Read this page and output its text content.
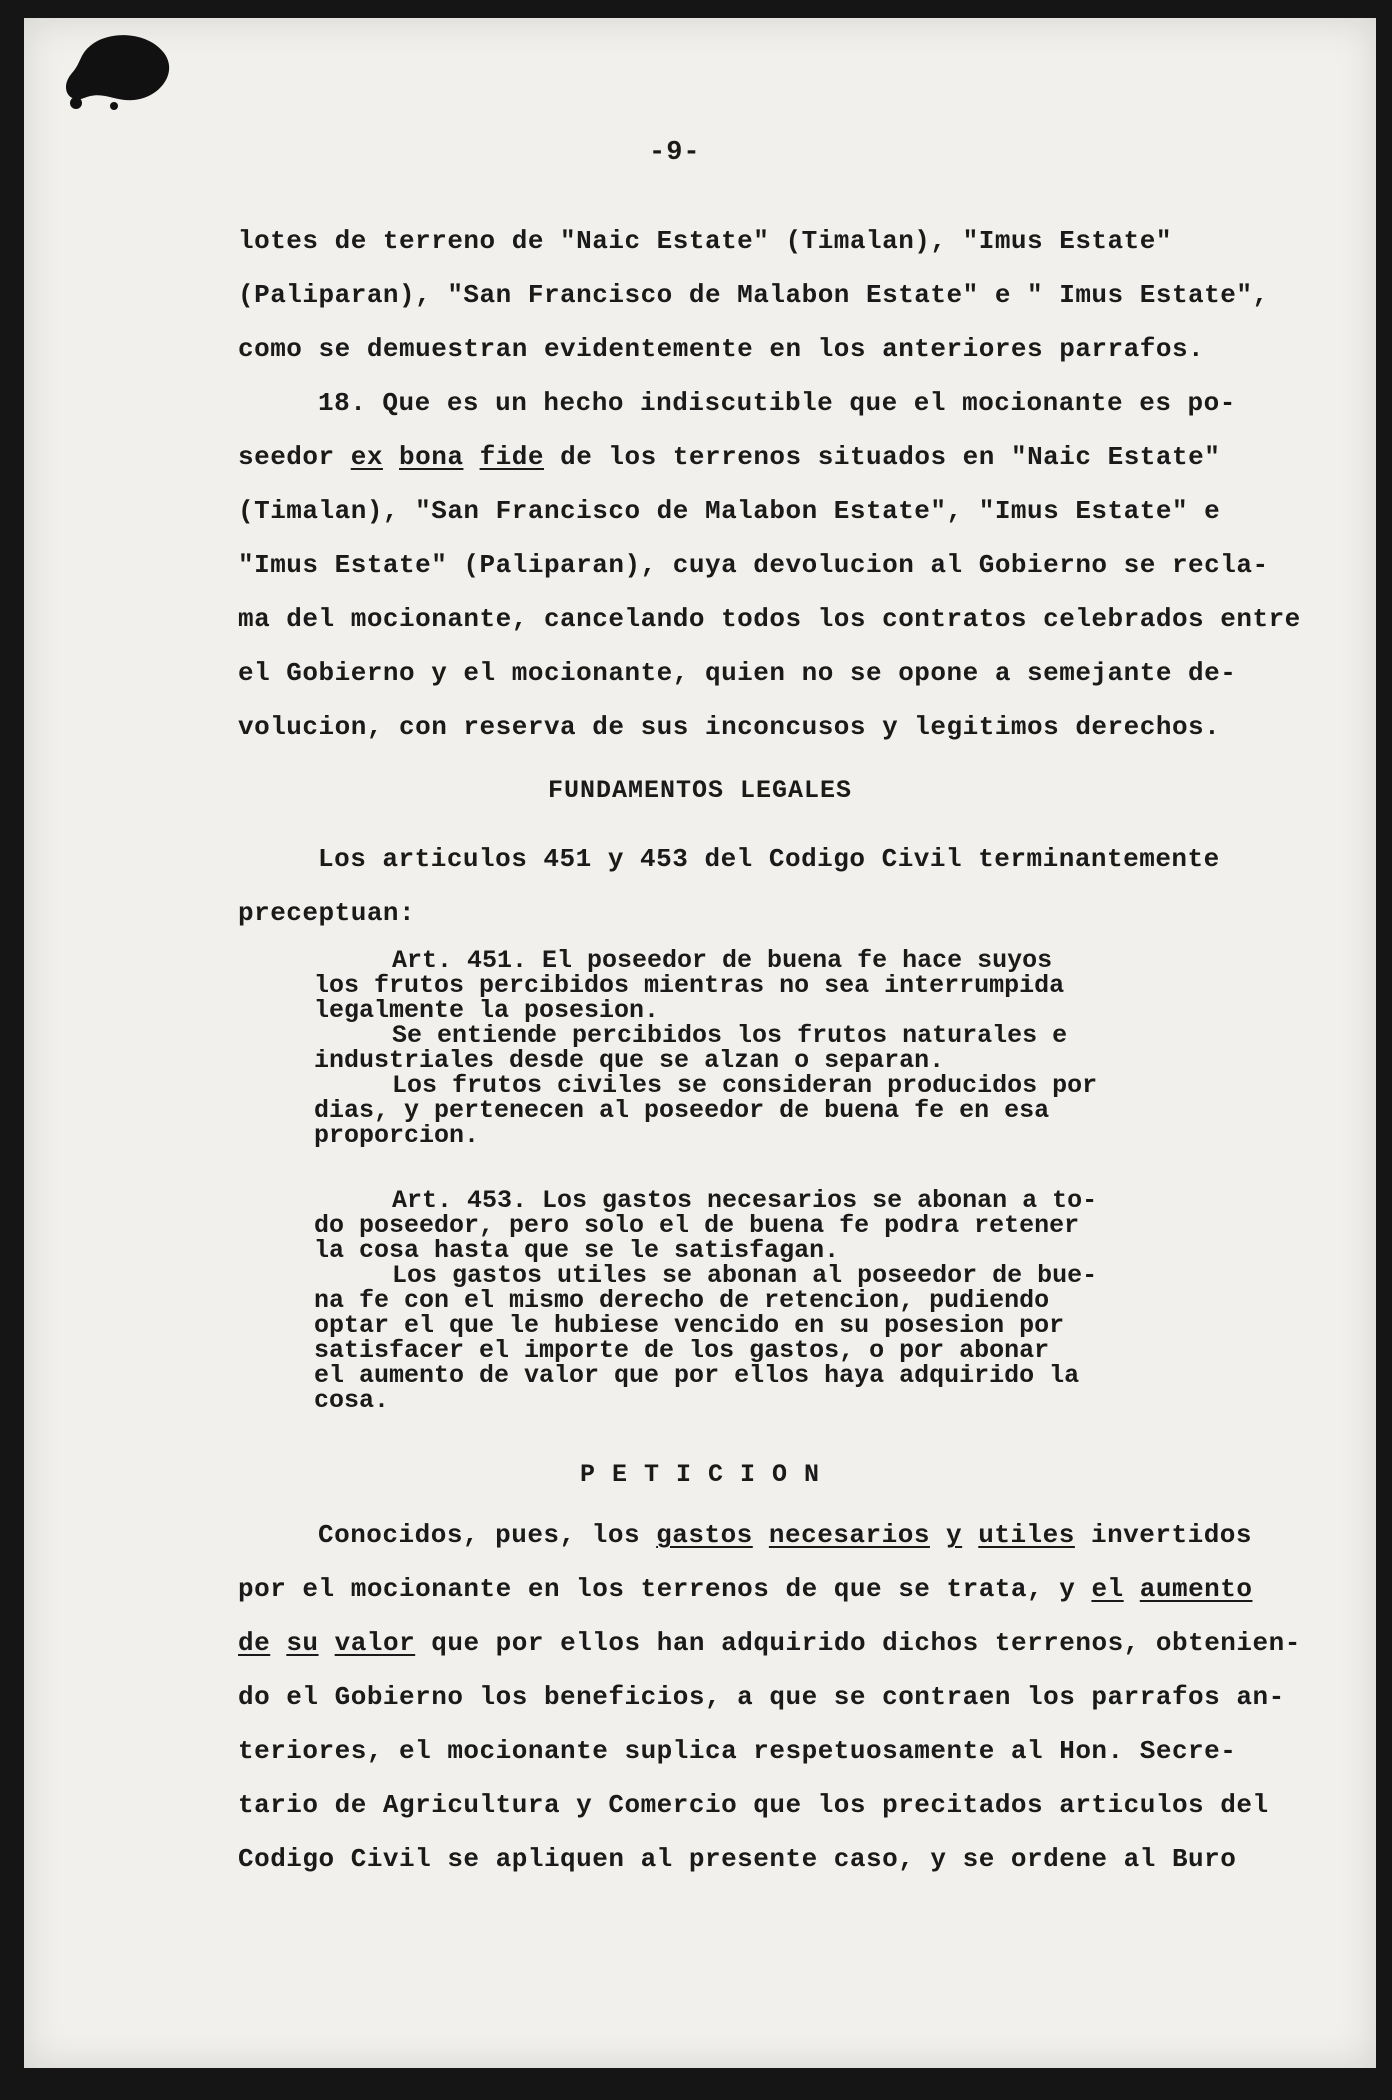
-9-
lotes de terreno de "Naic Estate" (Timalan), "Imus Estate"
(Paliparan), "San Francisco de Malabon Estate" e " Imus Estate",
como se demuestran evidentemente en los anteriores parrafos.
18. Que es un hecho indiscutible que el mocionante es po-
seedor ex bona fide de los terrenos situados en "Naic Estate"
(Timalan), "San Francisco de Malabon Estate", "Imus Estate" e
"Imus Estate" (Paliparan), cuya devolucion al Gobierno se recla-
ma del mocionante, cancelando todos los contratos celebrados entre
el Gobierno y el mocionante, quien no se opone a semejante de-
volucion, con reserva de sus inconcusos y legitimos derechos.
FUNDAMENTOS LEGALES
Los articulos 451 y 453 del Codigo Civil terminantemente
preceptuan:
Art. 451. El poseedor de buena fe hace suyos
los frutos percibidos mientras no sea interrumpida
legalmente la posesion.
Se entiende percibidos los frutos naturales e
industriales desde que se alzan o separan.
Los frutos civiles se consideran producidos por
dias, y pertenecen al poseedor de buena fe en esa
proporcion.
Art. 453. Los gastos necesarios se abonan a to-
do poseedor, pero solo el de buena fe podra retener
la cosa hasta que se le satisfagan.
Los gastos utiles se abonan al poseedor de bue-
na fe con el mismo derecho de retencion, pudiendo
optar el que le hubiese vencido en su posesion por
satisfacer el importe de los gastos, o por abonar
el aumento de valor que por ellos haya adquirido la
cosa.
P E T I C I O N
Conocidos, pues, los gastos necesarios y utiles invertidos
por el mocionante en los terrenos de que se trata, y el aumento
de su valor que por ellos han adquirido dichos terrenos, obtenien-
do el Gobierno los beneficios, a que se contraen los parrafos an-
teriores, el mocionante suplica respetuosamente al Hon. Secre-
tario de Agricultura y Comercio que los precitados articulos del
Codigo Civil se apliquen al presente caso, y se ordene al Buro
